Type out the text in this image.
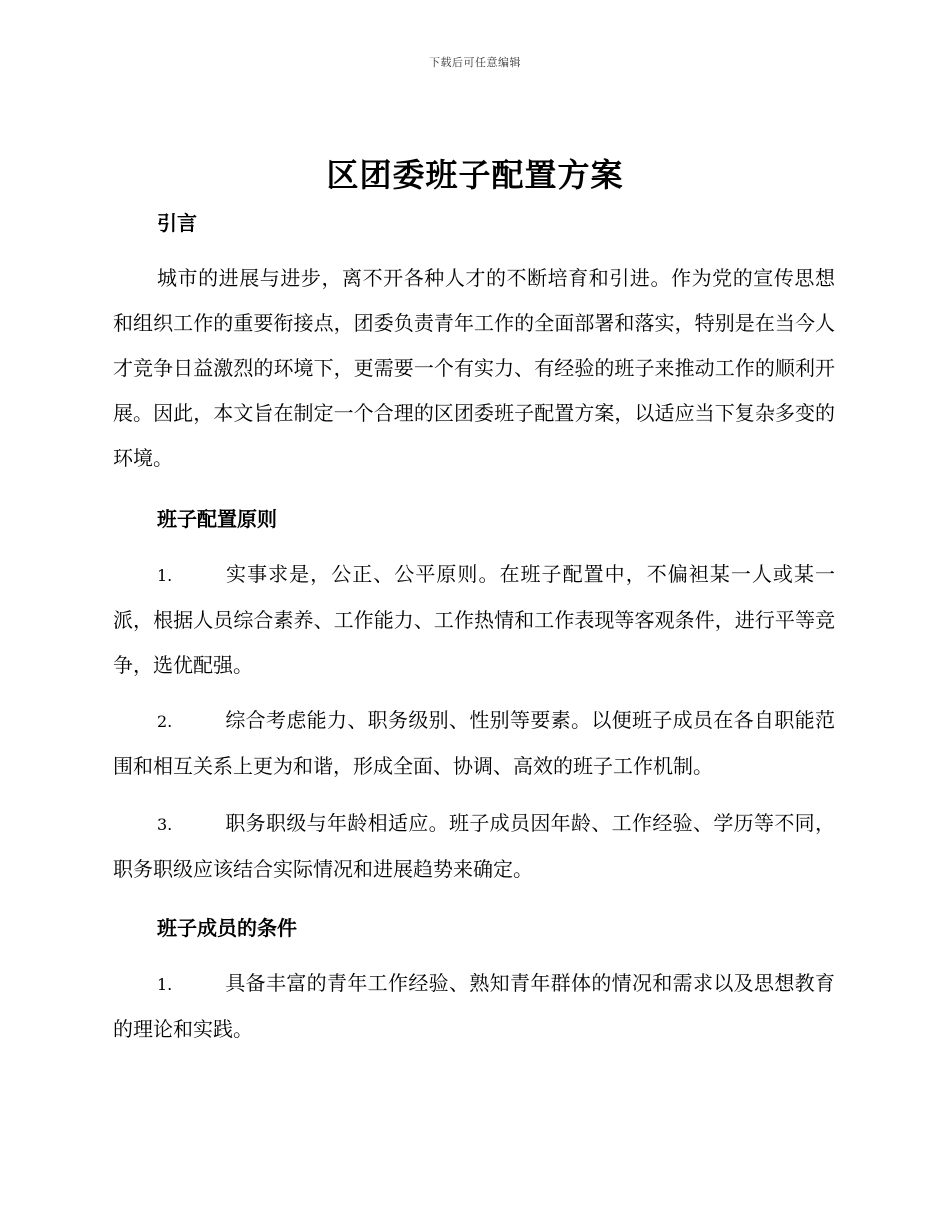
下载后可任意编辑
区团委班子配置方案
引言

城市的进展与进步，离不开各种人才的不断培育和引进。作为党的宣传思想和组织工作的重要衔接点，团委负责青年工作的全面部署和落实，特别是在当今人才竞争日益激烈的环境下，更需要一个有实力、有经验的班子来推动工作的顺利开展。因此，本文旨在制定一个合理的区团委班子配置方案，以适应当下复杂多变的环境。

班子配置原则

1.	实事求是，公正、公平原则。在班子配置中，不偏袒某一人或某一派，根据人员综合素养、工作能力、工作热情和工作表现等客观条件，进行平等竞争，选优配强。

2.	综合考虑能力、职务级别、性别等要素。以便班子成员在各自职能范围和相互关系上更为和谐，形成全面、协调、高效的班子工作机制。

3.	职务职级与年龄相适应。班子成员因年龄、工作经验、学历等不同，职务职级应该结合实际情况和进展趋势来确定。

班子成员的条件

1.	具备丰富的青年工作经验、熟知青年群体的情况和需求以及思想教育的理论和实践。
